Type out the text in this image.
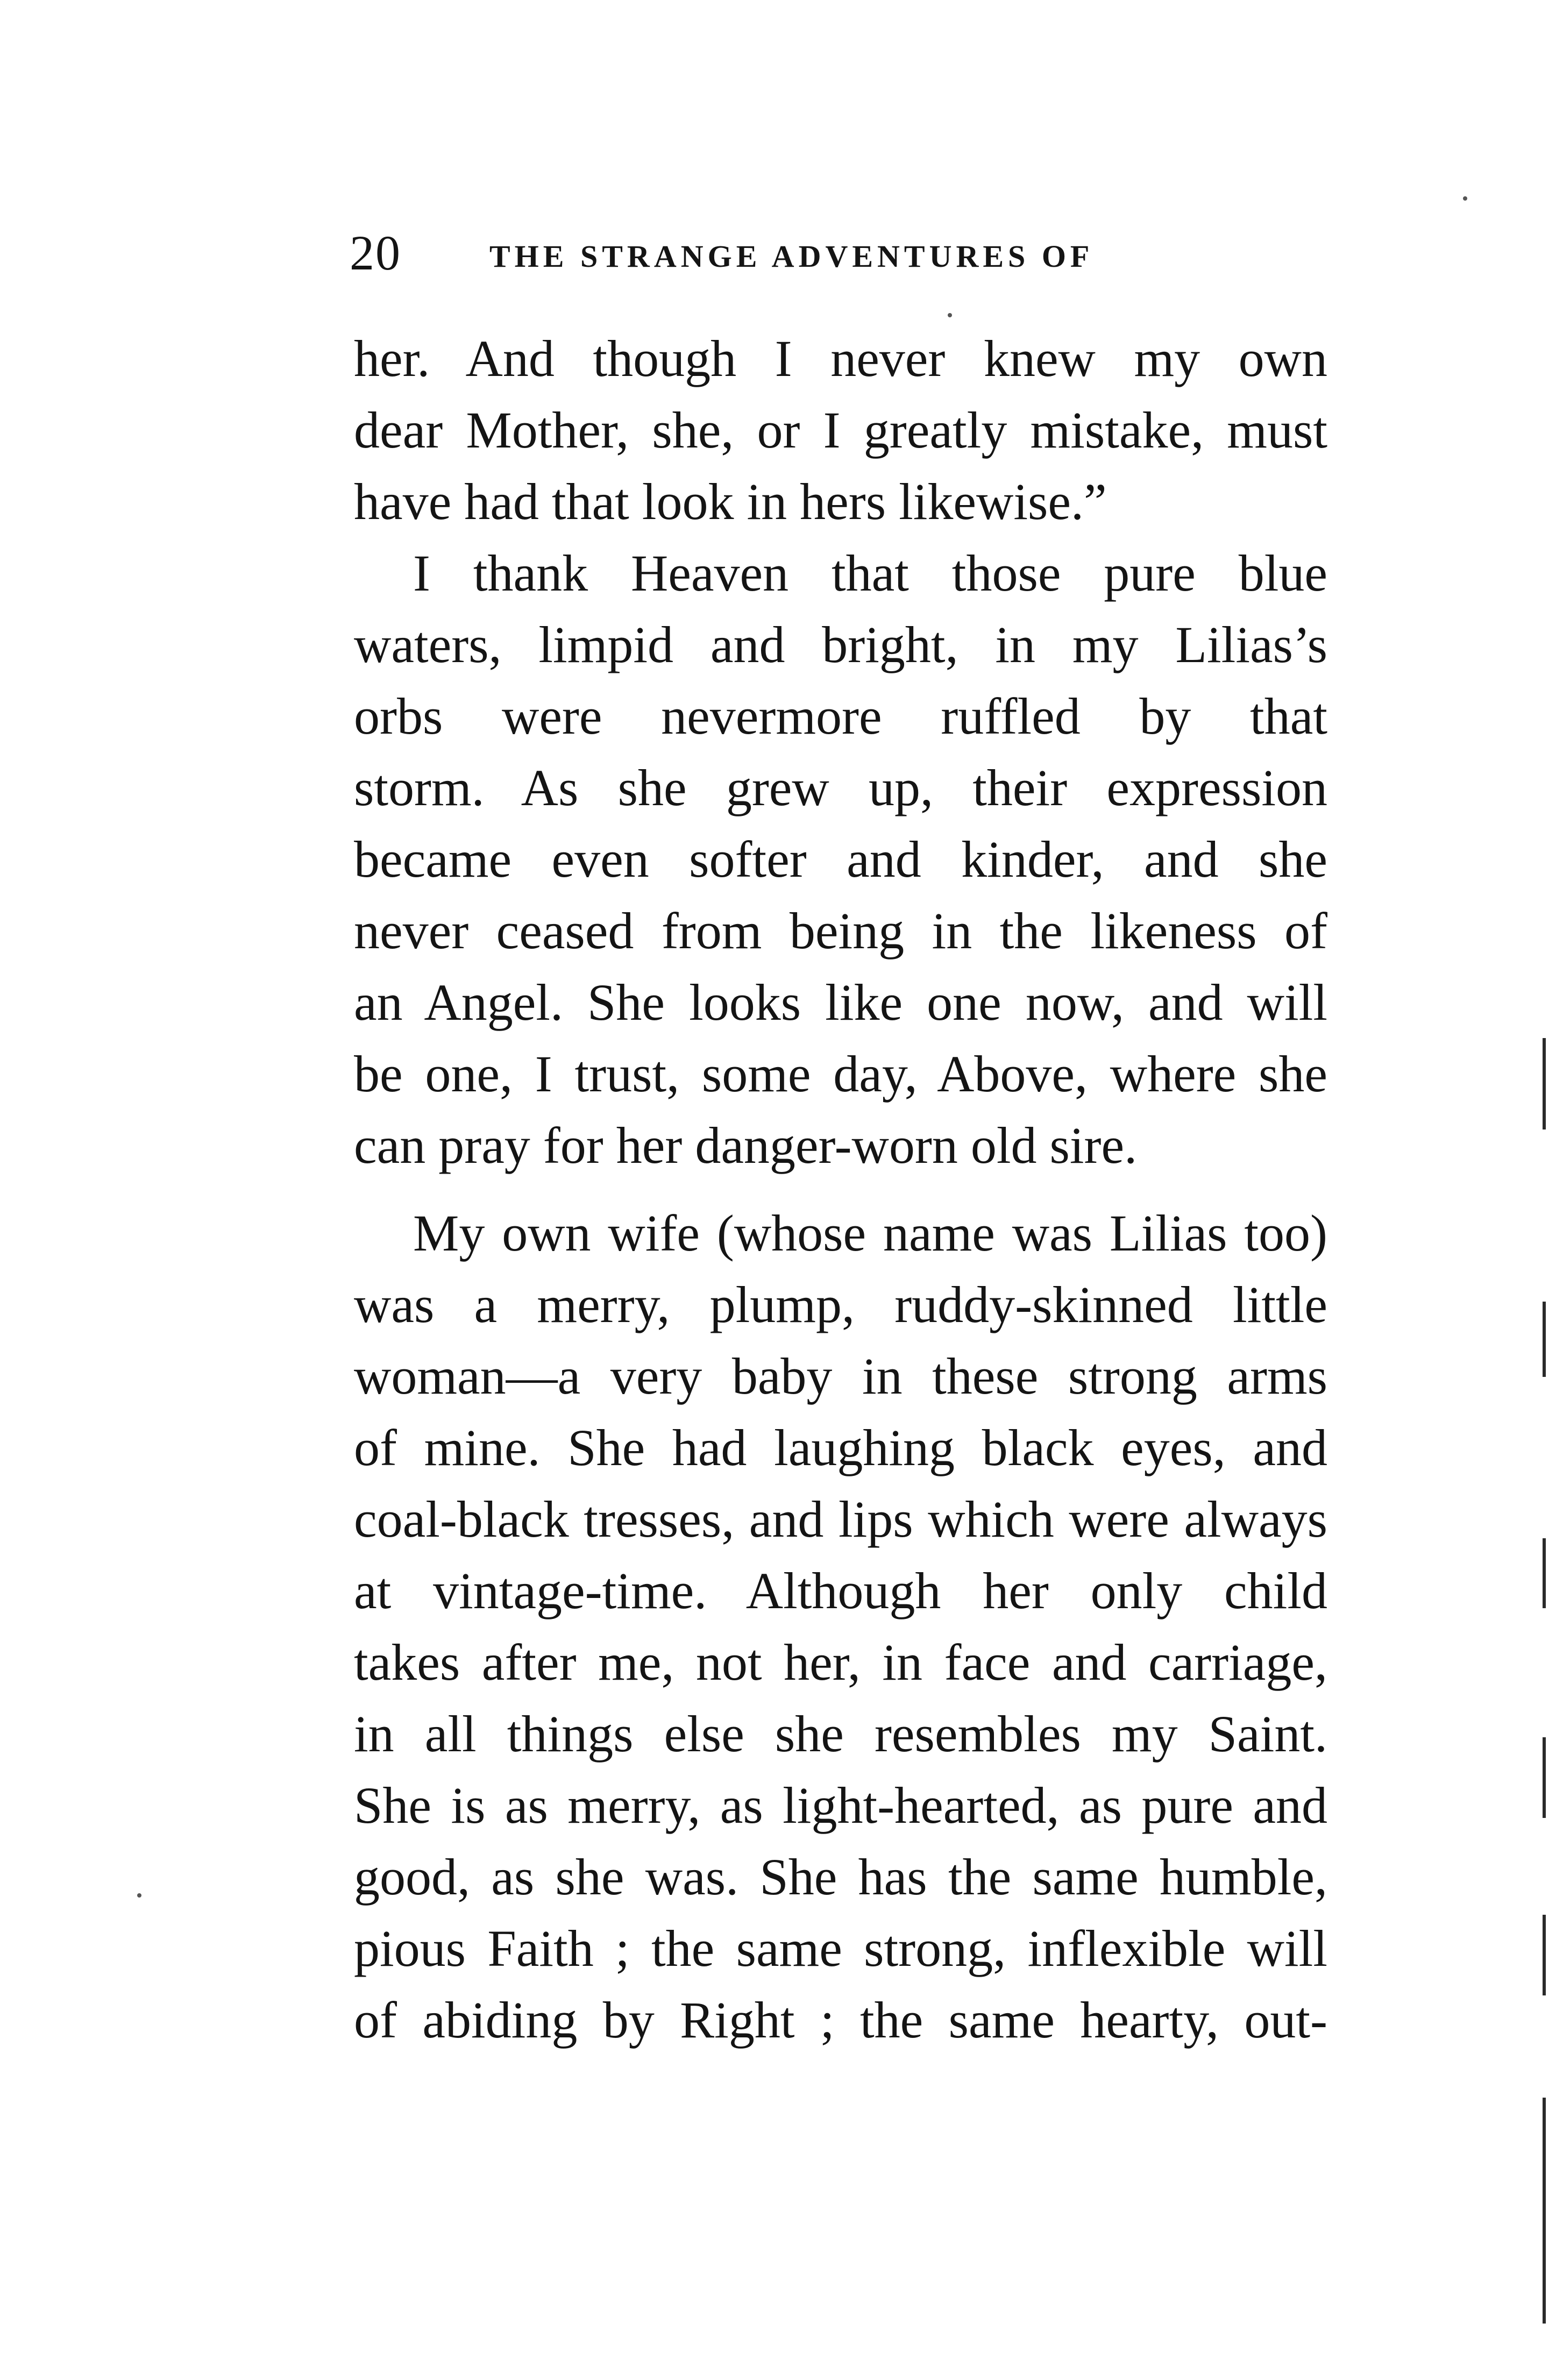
20	THE STRANGE ADVENTURES OF
her. And though I never knew my own
dear Mother, she, or I greatly mistake, must
have had that look in hers likewise.”
I thank Heaven that those pure blue
waters, limpid and bright, in my Lilias’s
orbs were nevermore ruffled by that
storm. As she grew up, their expression
became even softer and kinder, and she
never ceased from being in the likeness of
an Angel. She looks like one now, and will
be one, I trust, some day, Above, where she
can pray for her danger-worn old sire.
My own wife (whose name was Lilias too)
was a merry, plump, ruddy-skinned little
woman—a very baby in these strong arms
of mine. She had laughing black eyes, and
coal-black tresses, and lips which were always
at vintage-time. Although her only child
takes after me, not her, in face and carriage,
in all things else she resembles my Saint.
She is as merry, as light-hearted, as pure and
good, as she was. She has the same humble,
pious Faith ; the same strong, inflexible will
of abiding by Right ; the same hearty, out-
